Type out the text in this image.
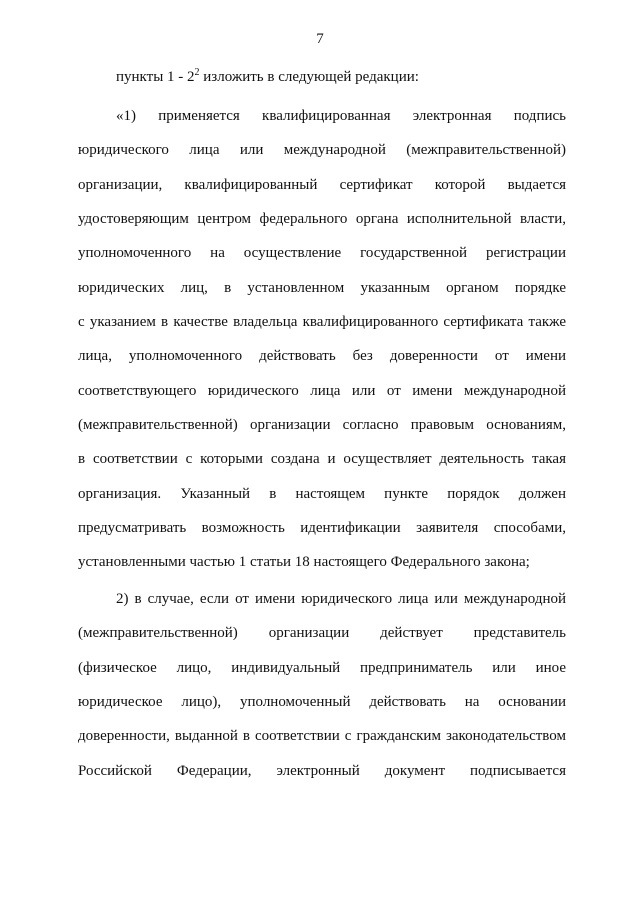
7
пункты $1 - 2^2$ изложить в следующей редакции:
«1) применяется квалифицированная электронная подпись
юридического лица или международной (межправительственной)
организации, квалифицированный сертификат которой выдается
удостоверяющим центром федерального органа исполнительной власти,
уполномоченного на осуществление государственной регистрации
юридических лиц, в установленном указанным органом порядке
с указанием в качестве владельца квалифицированного сертификата также
лица, уполномоченного действовать без доверенности от имени
соответствующего юридического лица или от имени международной
(межправительственной) организации согласно правовым основаниям,
в соответствии с которыми создана и осуществляет деятельность такая
организация. Указанный в настоящем пункте порядок должен
предусматривать возможность идентификации заявителя способами,
установленными частью 1 статьи 18 настоящего Федерального закона;
2) в случае, если от имени юридического лица или международной
(межправительственной) организации действует представитель
(физическое лицо, индивидуальный предприниматель или иное
юридическое лицо), уполномоченный действовать на основании
доверенности, выданной в соответствии с гражданским законодательством
Российской Федерации, электронный документ подписывается
